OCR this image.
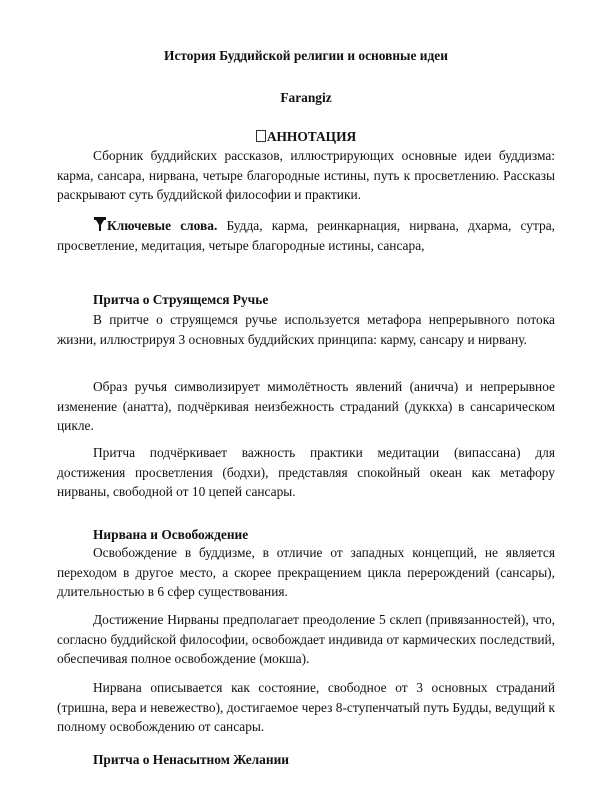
История Буддийской религии и основные идеи
Farangiz
АННОТАЦИЯ
Сборник буддийских рассказов, иллюстрирующих основные идеи буддизма: карма, сансара, нирвана, четыре благородные истины, путь к просветлению. Рассказы раскрывают суть буддийской философии и практики.
Ключевые слова. Будда, карма, реинкарнация, нирвана, дхарма, сутра, просветление, медитация, четыре благородные истины, сансара,
Притча о Струящемся Ручье
В притче о струящемся ручье используется метафора непрерывного потока жизни, иллюстрируя 3 основных буддийских принципа: карму, сансару и нирвану.
Образ ручья символизирует мимолётность явлений (аничча) и непрерывное изменение (анатта), подчёркивая неизбежность страданий (дуккха) в сансарическом цикле.
Притча подчёркивает важность практики медитации (випассана) для достижения просветления (бодхи), представляя спокойный океан как метафору нирваны, свободной от 10 цепей сансары.
Нирвана и Освобождение
Освобождение в буддизме, в отличие от западных концепций, не является переходом в другое место, а скорее прекращением цикла перерождений (сансары), длительностью в 6 сфер существования.
Достижение Нирваны предполагает преодоление 5 склеп (привязанностей), что, согласно буддийской философии, освобождает индивида от кармических последствий, обеспечивая полное освобождение (мокша).
Нирвана описывается как состояние, свободное от 3 основных страданий (тришна, вера и невежество), достигаемое через 8-ступенчатый путь Будды, ведущий к полному освобождению от сансары.
Притча о Ненасытном Желании
